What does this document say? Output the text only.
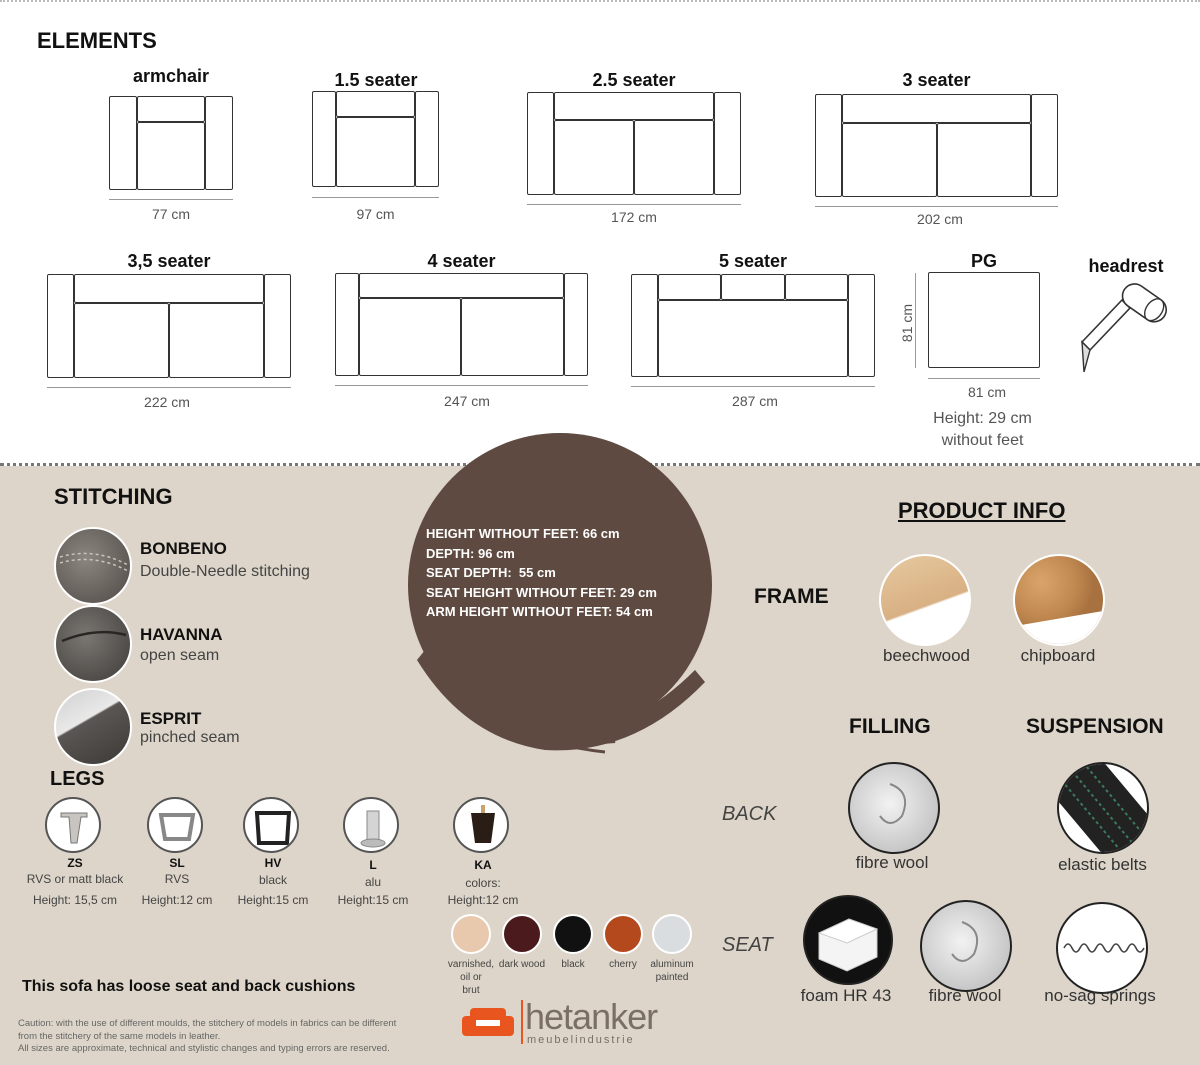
ELEMENTS
armchair
77 cm
1.5 seater
97 cm
2.5 seater
172 cm
3 seater
202 cm
3,5 seater
222 cm
4 seater
247 cm
5 seater
287 cm
PG
81 cm
81 cm
Height: 29 cm
without feet
headrest
STITCHING
BONBENO
Double-Needle stitching
HAVANNA
open seam
ESPRIT
pinched seam
HEIGHT WITHOUT FEET: 66 cm
DEPTH: 96 cm
SEAT DEPTH:  55 cm
SEAT HEIGHT WITHOUT FEET: 29 cm
ARM HEIGHT WITHOUT FEET: 54 cm
PRODUCT INFO
FRAME
beechwood	chipboard
FILLING	SUSPENSION
BACK
fibre wool	elastic belts
SEAT
foam HR 43	fibre wool	no-sag springs
LEGS
ZS
RVS or matt black
Height: 15,5 cm
SL
RVS
Height:12 cm
HV
black
Height:15 cm
L
alu
Height:15 cm
KA
colors:
Height:12 cm
varnished,
oil or
brut
dark wood	black	cherry	aluminum
painted
This sofa has loose seat and back cushions
Caution: with the use of different moulds, the stitchery of models in fabrics can be different
from the stitchery of the same models in leather.
All sizes are approximate, technical and stylistic changes and typing errors are reserved.
hetanker
meubelindustrie
